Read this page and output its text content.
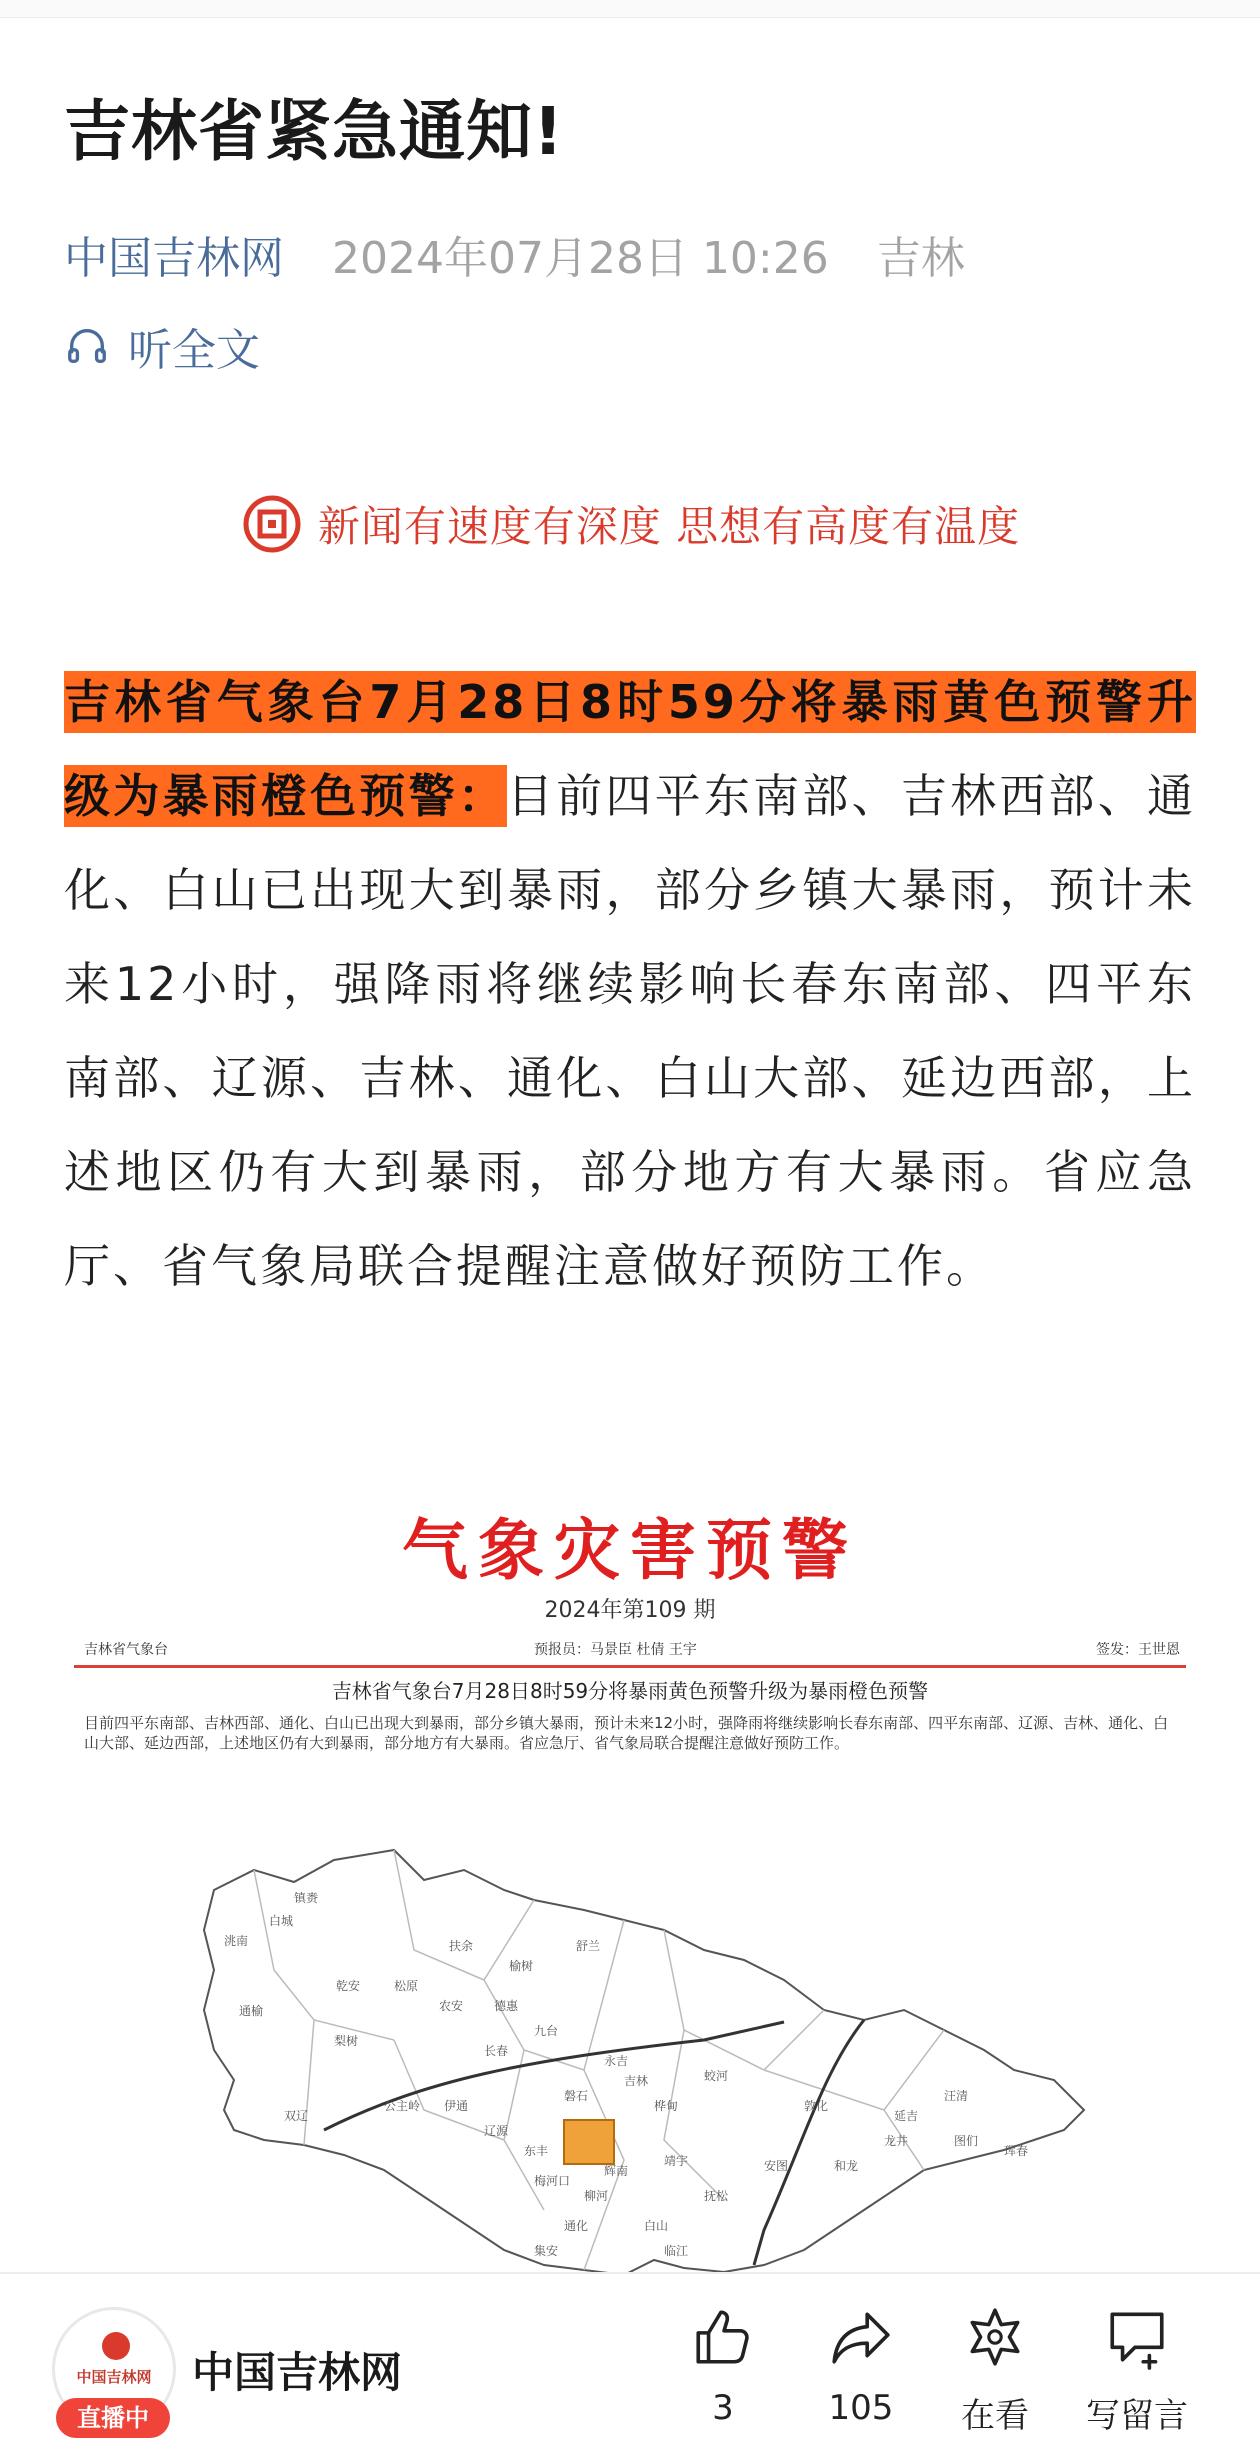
吉林省紧急通知!
中国吉林网 2024年07月28日 10:26 吉林
听全文
新闻有速度有深度 思想有高度有温度
吉林省气象台7月28日8时59分将暴雨黄色预警升级为暴雨橙色预警：目前四平东南部、吉林西部、通化、白山已出现大到暴雨，部分乡镇大暴雨，预计未来12小时，强降雨将继续影响长春东南部、四平东南部、辽源、吉林、通化、白山大部、延边西部，上述地区仍有大到暴雨，部分地方有大暴雨。省应急厅、省气象局联合提醒注意做好预防工作。
气象灾害预警
2024年第109 期
吉林省气象台	预报员：马景臣 杜倩 王宇	签发：王世恩
吉林省气象台7月28日8时59分将暴雨黄色预警升级为暴雨橙色预警
目前四平东南部、吉林西部、通化、白山已出现大到暴雨，部分乡镇大暴雨，预计未来12小时，强降雨将继续影响长春东南部、四平东南部、辽源、吉林、通化、白山大部、延边西部，上述地区仍有大到暴雨，部分地方有大暴雨。省应急厅、省气象局联合提醒注意做好预防工作。
镇赉
洮南
白城
通榆
乾安	松原
扶余
榆树
舒兰
农安	德惠
九台
长春
公主岭
梨树
双辽
伊通
东丰
辽源
梅河口
柳河
通化
集安
白山
临江
抚松
靖宇
桦甸
蛟河
敦化
安图	和龙
龙井
延吉
图们
汪清
珲春
永吉
磐石
辉南
吉林
中国吉林网
直播中
中国吉林网
3	105	在看	写留言
